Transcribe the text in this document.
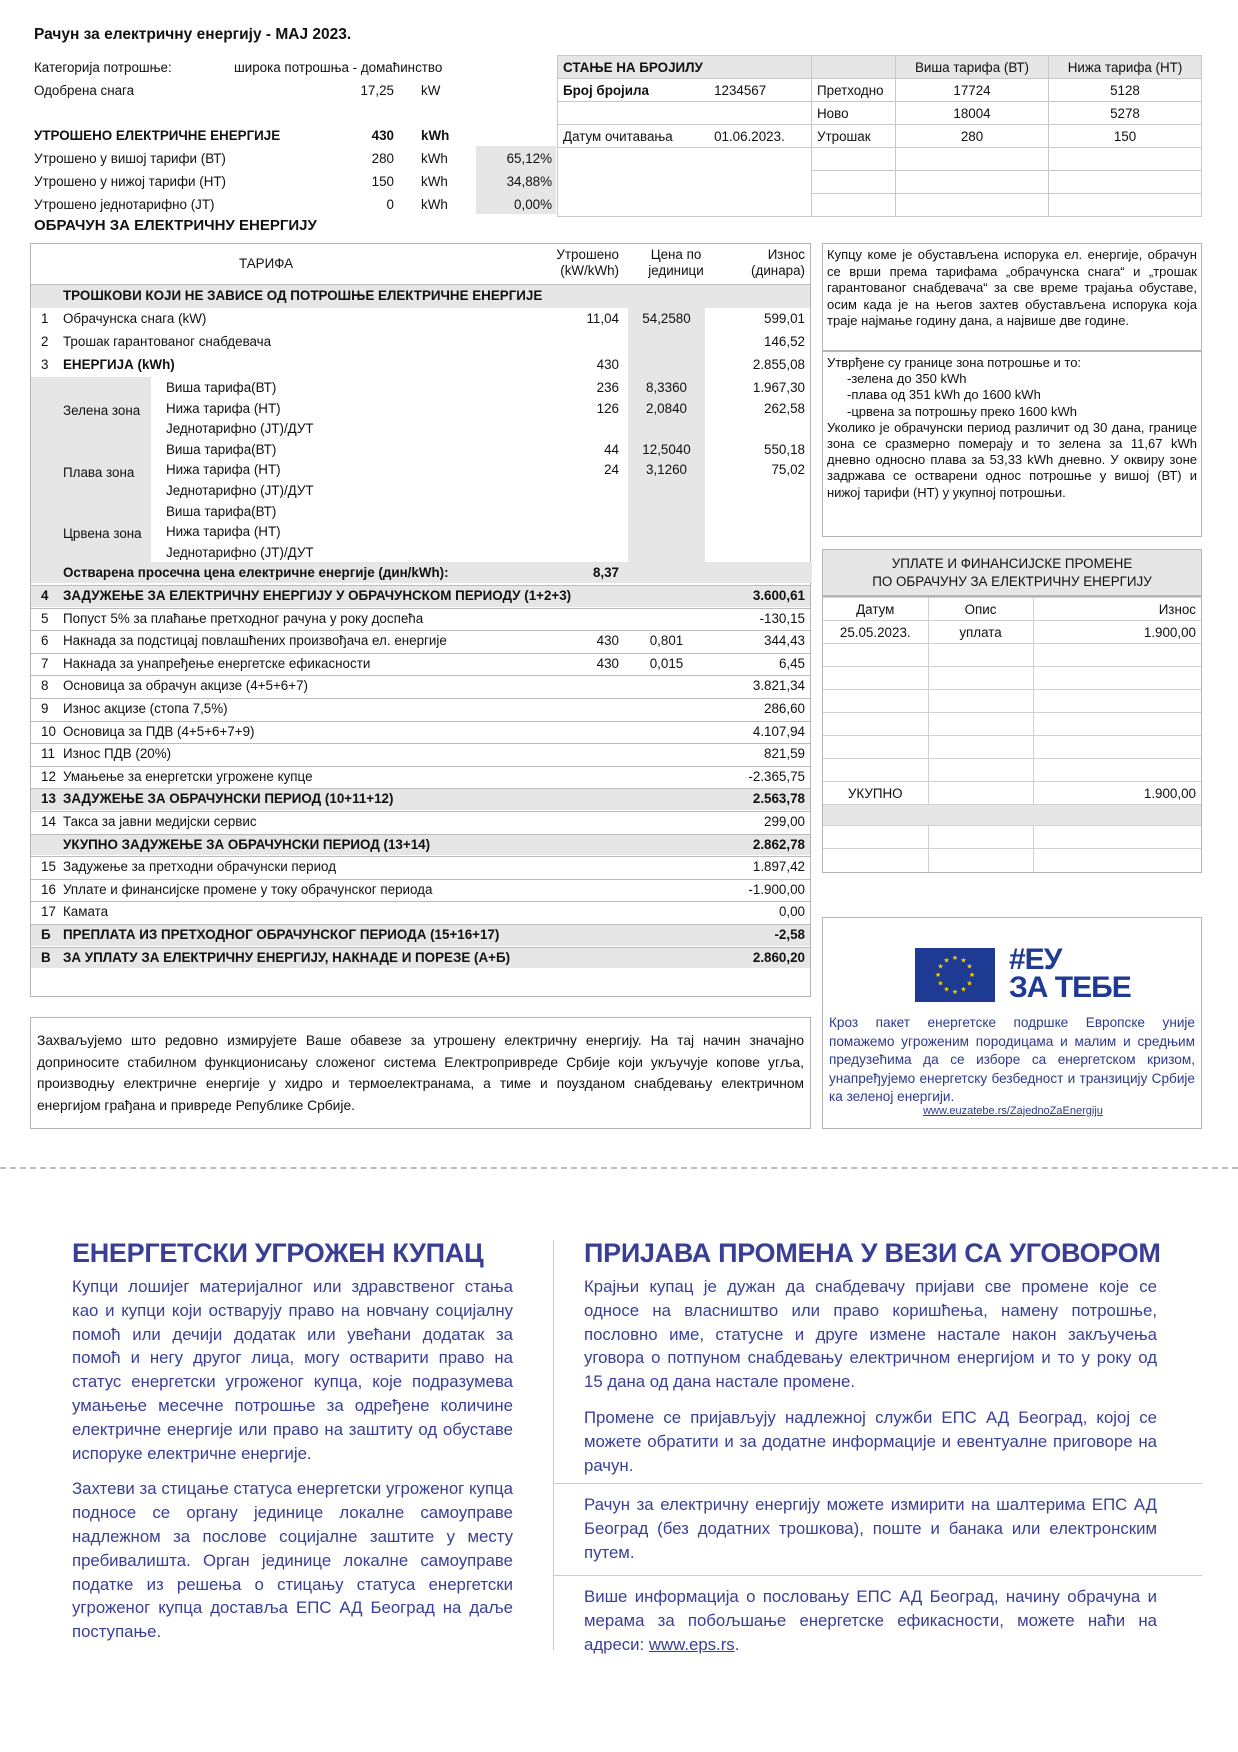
Рачун за електричну енергију - МАЈ 2023.
Категорија потрошње:	широка потрошња - домаћинство
Одобрена снага	17,25 kW
УТРОШЕНО ЕЛЕКТРИЧНЕ ЕНЕРГИЈЕ	430 kWh
Утрошено у вишој тарифи (ВТ)	280 kWh	65,12%
Утрошено у нижој тарифи (НТ)	150 kWh	34,88%
Утрошено једнотарифно (ЈТ)	0 kWh	0,00%
СТАЊЕ НА БРОЈИЛУ			Виша тарифа (ВТ)	Нижа тарифа (НТ)

Број бројила	1234567	Претходно	17724	5128
		Ново	18004	5278
Датум очитавања	01.06.2023.	Утрошак	280	150

ОБРАЧУН ЗА ЕЛЕКТРИЧНУ ЕНЕРГИЈУ
ТАРИФА
Утрошено
(kW/kWh)
Цена по
јединици
Износ
(динара)
ТРОШКОВИ КОЈИ НЕ ЗАВИСЕ ОД ПОТРОШЊЕ ЕЛЕКТРИЧНЕ ЕНЕРГИЈЕ
1 Обрачунска снага (kW)	11,04	54,2580	599,01
2 Трошак гарантованог снабдевача	146,52
3 ЕНЕРГИЈА (kWh)	430	2.855,08
Зелена зона
Виша тарифа(ВТ)	236	8,3360	1.967,30
Нижа тарифа (НТ)	126	2,0840	262,58
Једнотарифно (ЈТ)/ДУТ
Плава зона
Виша тарифа(ВТ)	44	12,5040	550,18
Нижа тарифа (НТ)	24	3,1260	75,02
Једнотарифно (ЈТ)/ДУТ
Црвена зона
Виша тарифа(ВТ)
Нижа тарифа (НТ)
Једнотарифно (ЈТ)/ДУТ
Остварена просечна цена електричне енергије (дин/kWh):	8,37
4 ЗАДУЖЕЊЕ ЗА ЕЛЕКТРИЧНУ ЕНЕРГИЈУ У ОБРАЧУНСКОМ ПЕРИОДУ (1+2+3)	3.600,61
5 Попуст 5% за плаћање претходног рачуна у року доспећа	-130,15
6 Накнада за подстицај повлашћених произвођача ел. енергије	430	0,801	344,43
7 Накнада за унапређење енергетске ефикасности	430	0,015	6,45
8 Основица за обрачун акцизе (4+5+6+7)	3.821,34
9 Износ акцизе (стопа 7,5%)	286,60
10 Основица за ПДВ (4+5+6+7+9)	4.107,94
11 Износ ПДВ (20%)	821,59
12 Умањење за енергетски угрожене купце	-2.365,75
13 ЗАДУЖЕЊЕ ЗА ОБРАЧУНСКИ ПЕРИОД (10+11+12)	2.563,78
14 Такса за јавни медијски сервис	299,00
УКУПНО ЗАДУЖЕЊЕ ЗА ОБРАЧУНСКИ ПЕРИОД (13+14)	2.862,78
15 Задужење за претходни обрачунски период	1.897,42
16 Уплате и финансијске промене у току обрачунског периода	-1.900,00
17 Камата	0,00
Б ПРЕПЛАТА ИЗ ПРЕТХОДНОГ ОБРАЧУНСКОГ ПЕРИОДА (15+16+17)	-2,58
В ЗА УПЛАТУ ЗА ЕЛЕКТРИЧНУ ЕНЕРГИЈУ, НАКНАДЕ И ПОРЕЗЕ (А+Б)	2.860,20
Купцу коме је обустављена испорука ел. енергије, обрачун се врши према тарифама „обрачунска снага“ и „трошак гарантованог снабдевача“ за све време трајања обуставе, осим када је на његов захтев обустављена испорука која траје најмање годину дана, а највише две године.
Утврђене су границе зона потрошње и то:
-зелена до 350 kWh
-плава од 351 kWh до 1600 kWh
-црвена за потрошњу преко 1600 kWh
Уколико је обрачунски период различит од 30 дана, границе зона се сразмерно померају и то зелена за 11,67 kWh дневно односно плава за 53,33 kWh дневно. У оквиру зоне задржава се остварени однос потрошње у вишој (ВТ) и нижој тарифи (НТ) у укупној потрошњи.
УПЛАТЕ И ФИНАНСИЈСКЕ ПРОМЕНЕ
ПО ОБРАЧУНУ ЗА ЕЛЕКТРИЧНУ ЕНЕРГИЈУ
Датум	Опис	Износ
25.05.2023.	уплата	1.900,00

УКУПНО		1.900,00

Захваљујемо што редовно измирујете Ваше обавезе за утрошену електричну енергију. На тај начин значајно доприносите стабилном функционисању сложеног система Електропривреде Србије који укључује копове угља, производњу електричне енергије у хидро и термоелектранама, а тиме и поузданом снабдевању електричном енергијом грађана и привреде Републике Србије.
★ ★
★
★
★
★
★
★
★
★
★
★ #ЕУ
ЗА ТЕБЕ
Кроз пакет енергетске подршке Европске уније помажемо угроженим породицама и малим и средњим предузећима да се изборе са енергетском кризом, унапређујемо енергетску безбедност и транзицију Србије ка зеленој енергији.
www.euzatebe.rs/ZajednoZaEnergiju
ЕНЕРГЕТСКИ УГРОЖЕН КУПАЦ

Купци лошијег материјалног или здравственог стања као и купци који остварују право на новчану социјалну помоћ или дечији додатак или увећани додатак за помоћ и негу другог лица, могу остварити право на статус енергетски угроженог купца, које подразумева умањење месечне потрошње за одређене количине електричне енергије или право на заштиту од обуставе испоруке електричне енергије.

Захтеви за стицање статуса енергетски угроженог купца подносе се органу јединице локалне самоуправе надлежном за послове социјалне заштите у месту пребивалишта. Орган јединице локалне самоуправе податке из решења о стицању статуса енергетски угроженог купца доставља ЕПС АД Београд на даље поступање.

ПРИЈАВА ПРОМЕНА У ВЕЗИ СА УГОВОРОМ

Крајњи купац је дужан да снабдевачу пријави све промене које се односе на власништво или право коришћења, намену потрошње, пословно име, статусне и друге измене настале након закључења уговора о потпуном снабдевању електричном енергијом и то у року од 15 дана од дана настале промене.

Промене се пријављују надлежној служби ЕПС АД Београд, којој се можете обратити и за додатне информације и евентуалне приговоре на рачун.

Рачун за електричну енергију можете измирити на шалтерима ЕПС АД Београд (без додатних трошкова), поште и банака или електронским путем.
Више информација о пословању ЕПС АД Београд, начину обрачуна и мерама за побољшање енергетске ефикасности, можете наћи на адреси: www.eps.rs.
